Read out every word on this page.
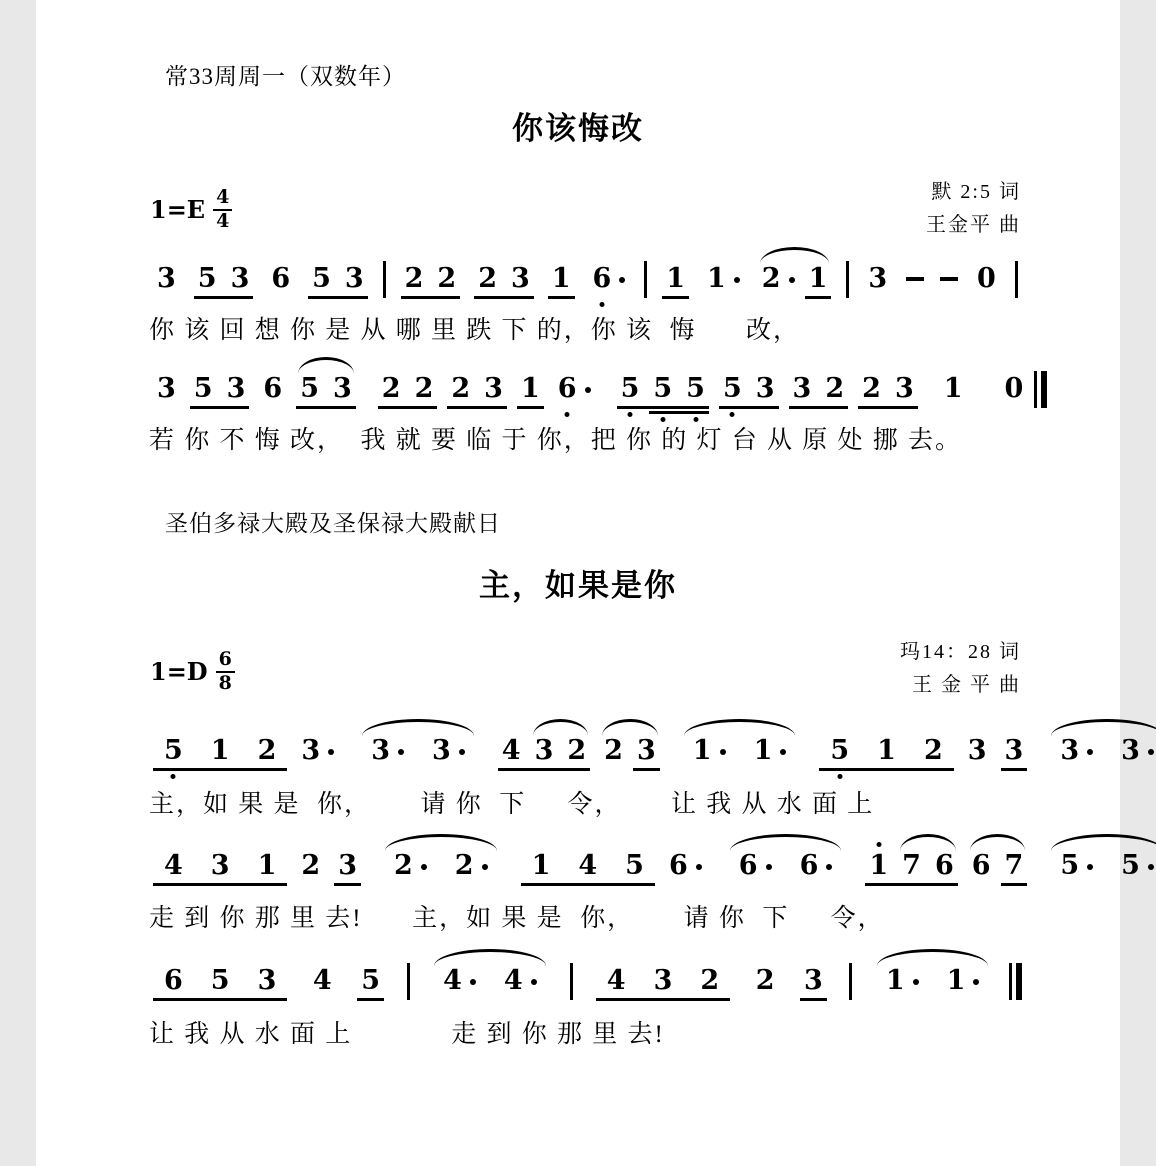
常33周周一（双数年）
你该悔改
$1=E \frac{4}{4}$	默 2:5 词
王金平 曲
3 5 3 6 5 3 2 2 2 3 1 6 1 1 2 1 3	0
你 该 回 想 你 是 从 哪 里 跌 下 的，你 该  悔      改，
3 5 3 6 5 3 2 2 2 3 1 6 5 5 5 5 3 3 2 2 3 1 0
若 你 不 悔 改，  我 就 要 临 于 你，把 你 的 灯 台 从 原 处 挪 去。
圣伯多禄大殿及圣保禄大殿献日
主，如果是你
$1=D \frac{6}{8}$	玛14：28 词
王 金 平 曲
5 1 2 3 3 3 4 3 2 2 3 1 1 5 1 2 3 3 3 3
主，如 果 是  你，      请 你  下     令，      让 我 从 水 面 上
4 3 1 2 3 2 2 1 4 5 6 6 6 1 7 6 6 7 5 5
走 到 你 那 里 去!      主，如 果 是  你，      请 你  下     令，
6 5 3 4 5 4 4	4 3 2 2 3 1 1
让 我 从 水 面 上            走 到 你 那 里 去!
